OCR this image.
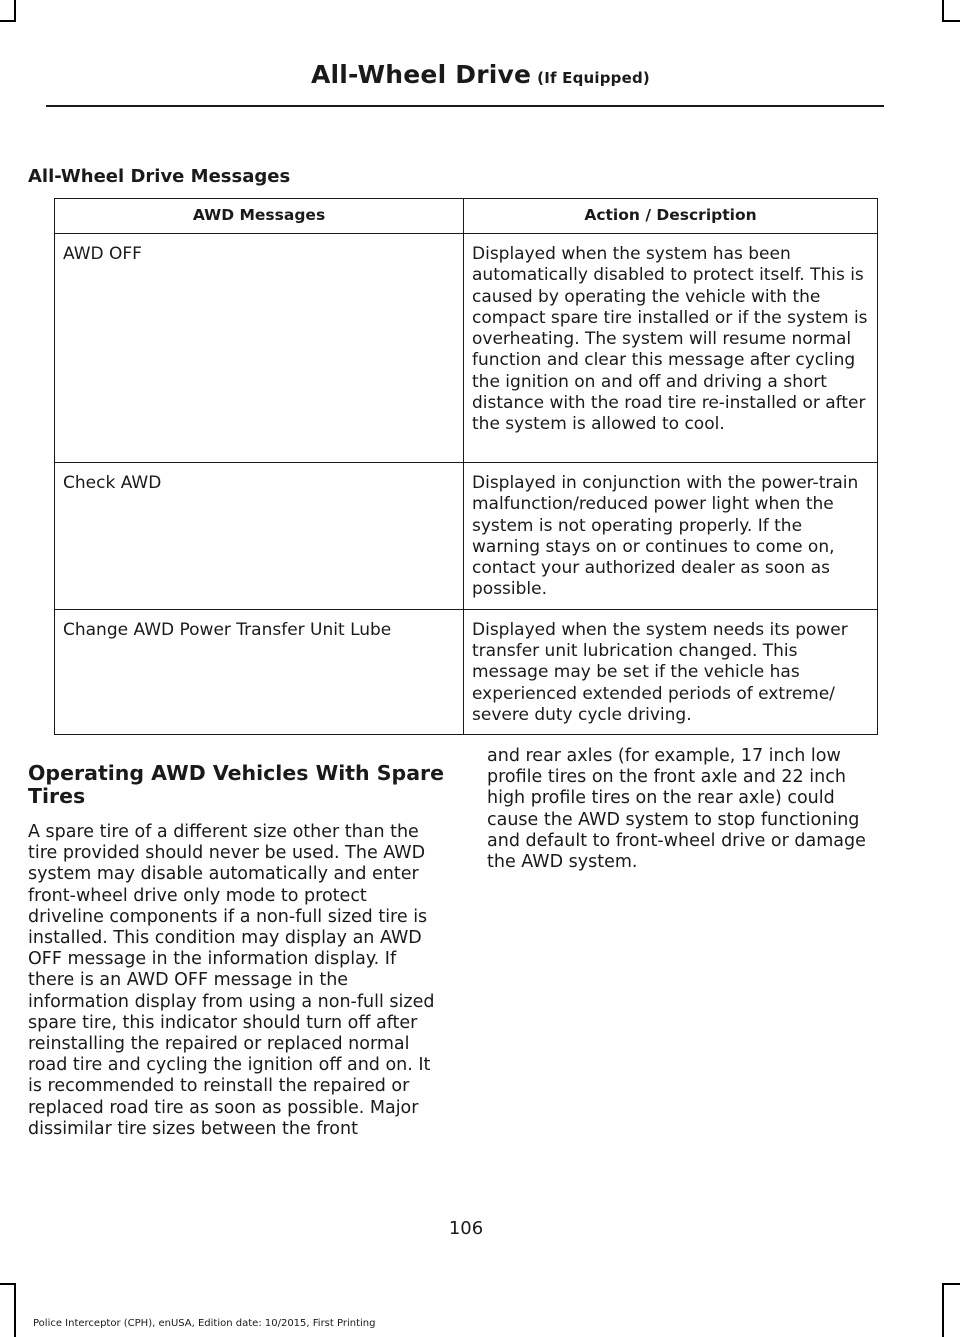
All-Wheel Drive (If Equipped)
All-Wheel Drive Messages
AWD Messages	Action / Description
AWD OFF	Displayed when the system has been automatically disabled to protect itself. This is caused by operating the vehicle with the compact spare tire installed or if the system is overheating. The system will resume normal function and clear this message after cycling the ignition on and off and driving a short distance with the road tire re-installed or after the system is allowed to cool.
Check AWD	Displayed in conjunction with the power-train malfunction/reduced power light when the system is not operating properly. If the warning stays on or continues to come on, contact your authorized dealer as soon as possible.
Change AWD Power Transfer Unit Lube	Displayed when the system needs its power transfer unit lubrication changed. This message may be set if the vehicle has experienced extended periods of extreme/ severe duty cycle driving.
Operating AWD Vehicles With Spare Tires

A spare tire of a different size other than the tire provided should never be used. The AWD system may disable automatically and enter front-wheel drive only mode to protect driveline components if a non-full sized tire is installed. This condition may display an AWD OFF message in the information display. If there is an AWD OFF message in the information display from using a non-full sized spare tire, this indicator should turn off after reinstalling the repaired or replaced normal road tire and cycling the ignition off and on. It is recommended to reinstall the repaired or replaced road tire as soon as possible. Major dissimilar tire sizes between the front

and rear axles (for example, 17 inch low profile tires on the front axle and 22 inch high profile tires on the rear axle) could cause the AWD system to stop functioning and default to front-wheel drive or damage the AWD system.

106
Police Interceptor (CPH), enUSA, Edition date: 10/2015, First Printing
